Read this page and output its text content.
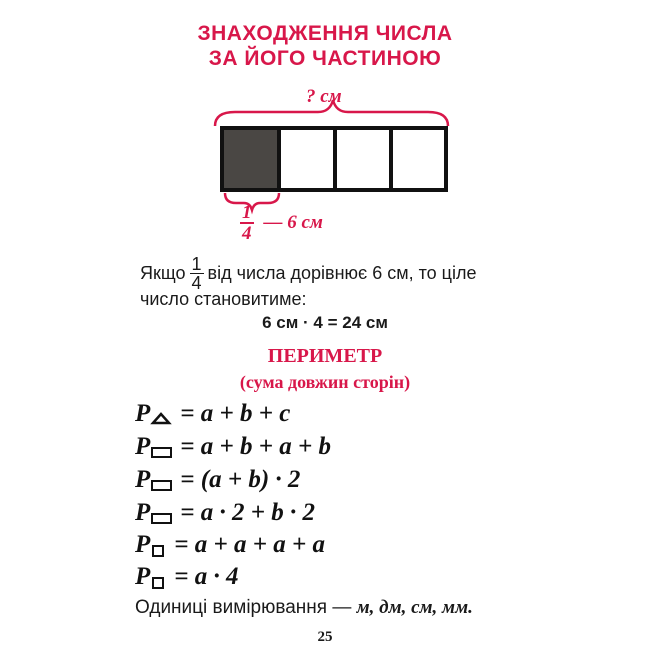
ЗНАХОДЖЕННЯ ЧИСЛА
ЗА ЙОГО ЧАСТИНОЮ
? см
$\frac{1}{4}$ — 6 см
Якщо $\frac{1}{4}$ від числа дорівнює 6 см, то ціле
число становитиме:
6 см · 4 = 24 см
ПЕРИМЕТР
(сума довжин сторін)
P = a + b + c
P = a + b + a + b
P = (a + b) · 2
P = a · 2 + b · 2
P = a + a + a + a
P = a · 4
Одиниці вимірювання — м, дм, см, мм.
25
